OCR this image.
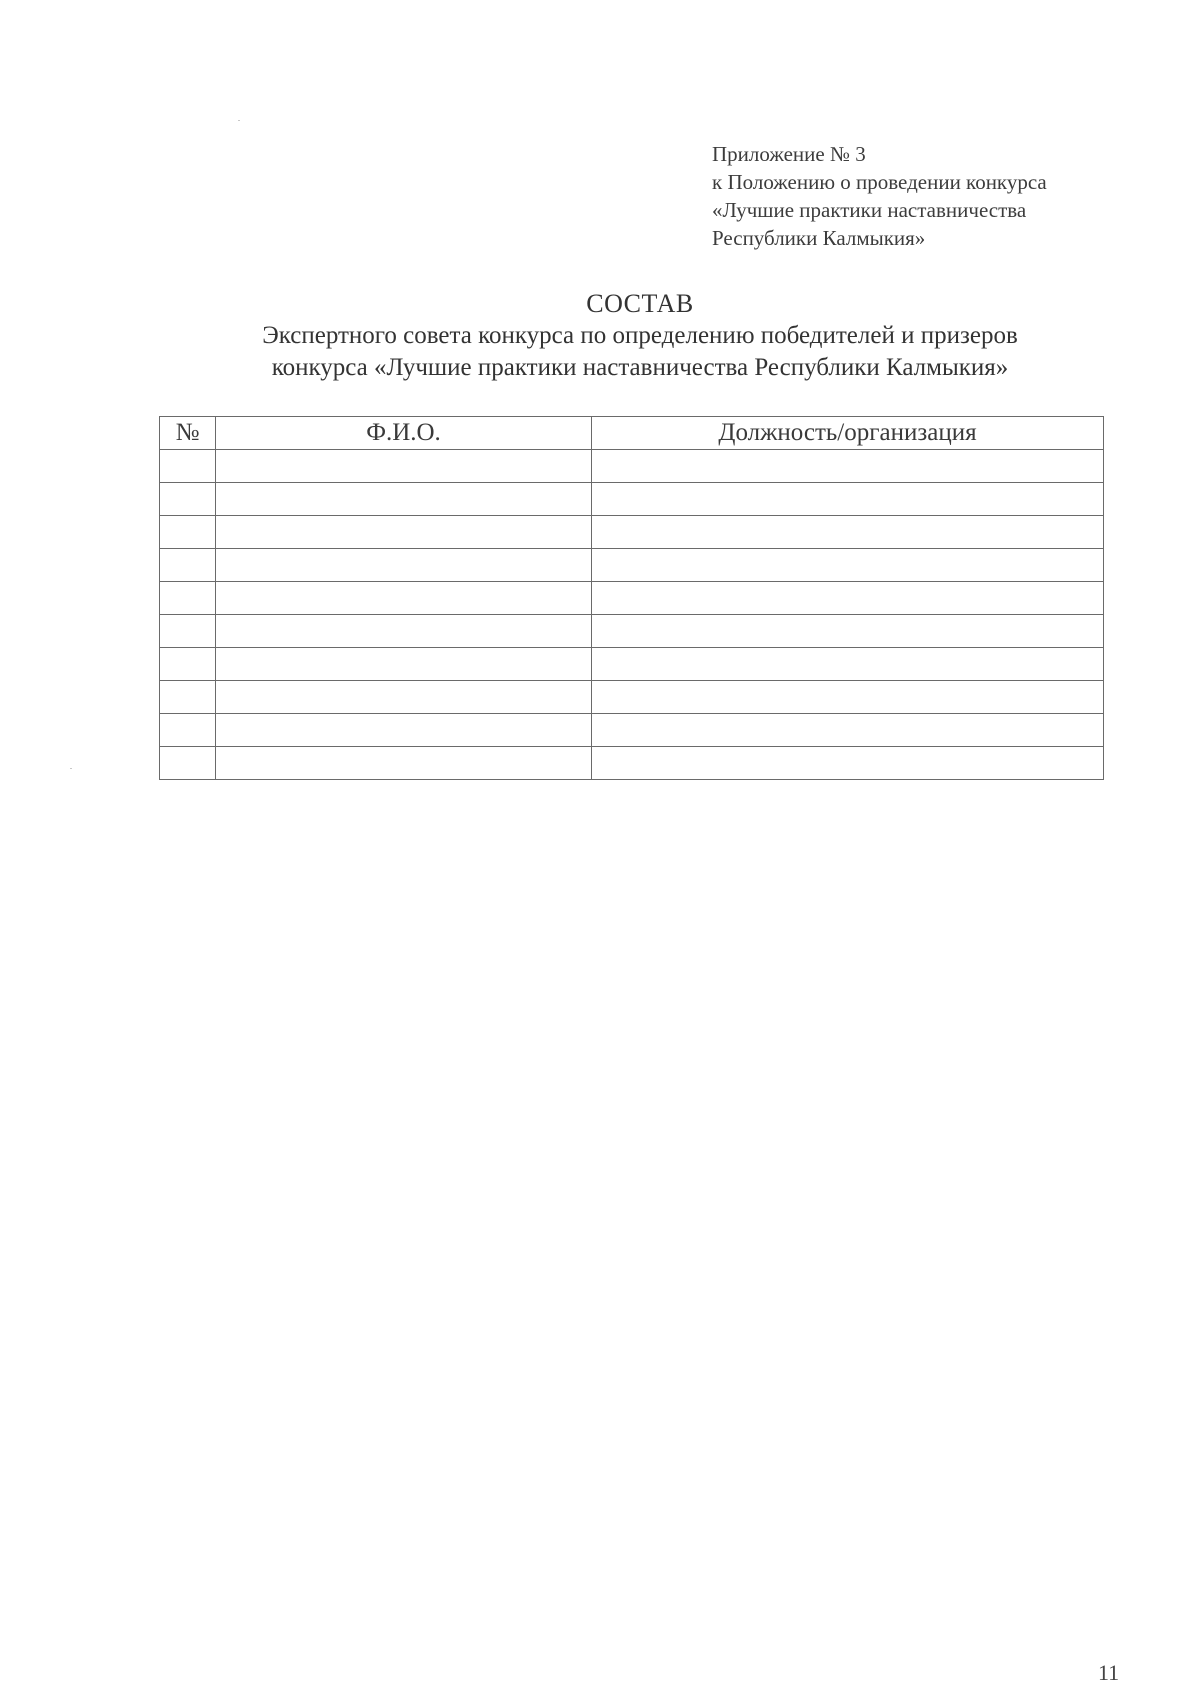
Приложение № 3
к Положению о проведении конкурса
«Лучшие практики наставничества
Республики Калмыкия»
СОСТАВ
Экспертного совета конкурса по определению победителей и призеров
конкурса «Лучшие практики наставничества Республики Калмыкия»
№	Ф.И.О.	Должность/организация

11
